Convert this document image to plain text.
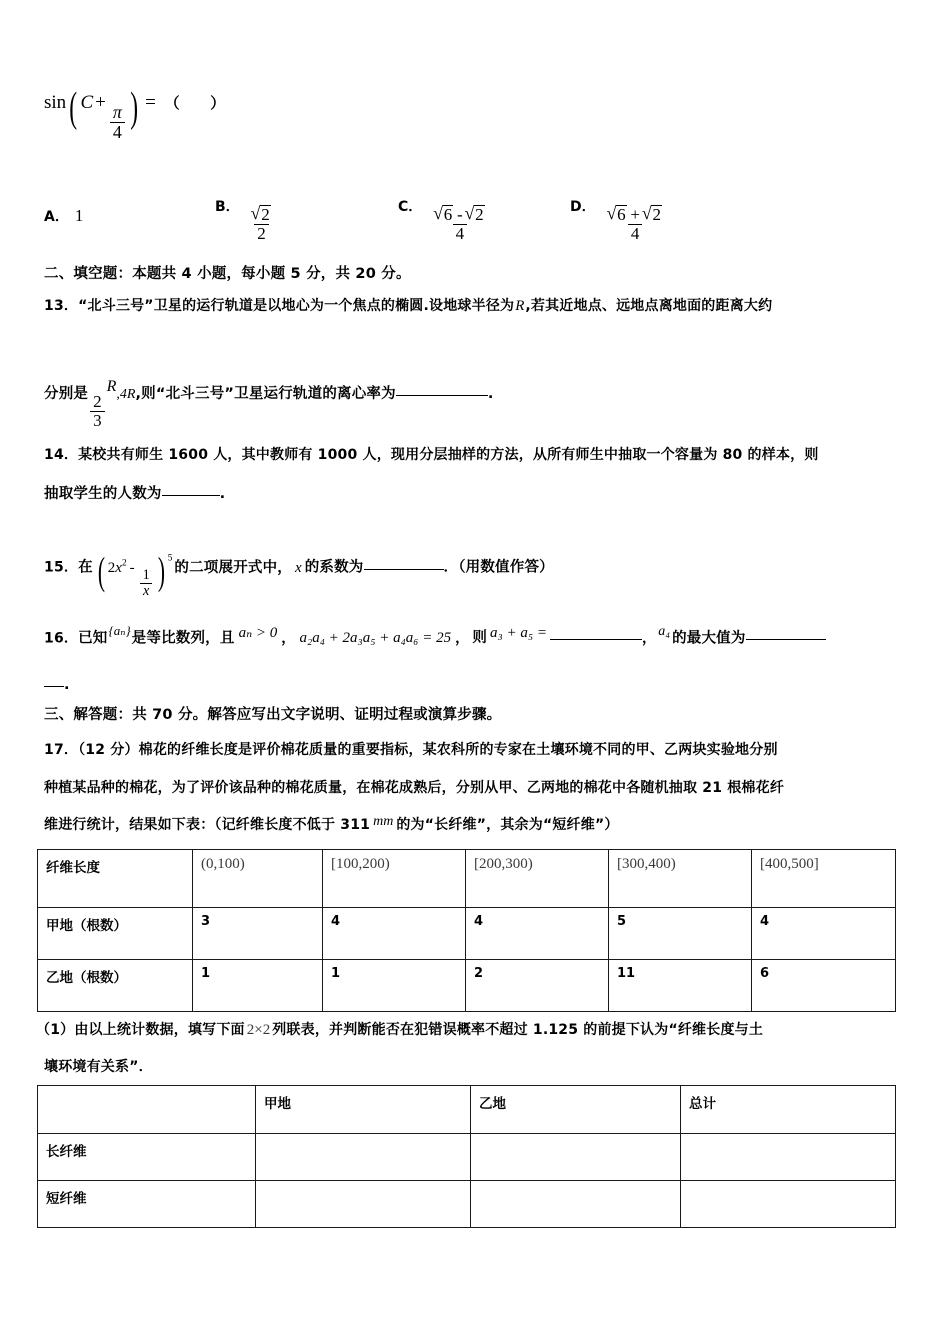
sin( C +
$\frac{\pi}{4}$ ) = （　　）
A． 1	B． √ $\frac{2}{2}$	C． √ $\frac{6 - √ 2}{4}$	D． √ $\frac{6 + √ 2}{4}$
二、填空题：本题共 4 小题，每小题 5 分，共 20 分。
13．“北斗三号”卫星的运行轨道是以地心为一个焦点的椭圆.设地球半径为R,若其近地点、远地点离地面的距离大约
分别是 $\frac{2}{3}$
R,4R,则“北斗三号”卫星运行轨道的离心率为	.
14．某校共有师生 1600 人，其中教师有 1000 人，现用分层抽样的方法，从所有师生中抽取一个容量为 80 的样本，则
抽取学生的人数为	.
15．在 ( $2x^2$ -
$\frac{1}{x}$ ) $^5$的二项展开式中， x 的系数为	．（用数值作答）
16．已知$^{\{a_n\}}$是等比数列，且 aₙ > 0 ， a₂a₄ + 2a₃a₅ + a₄a₆ = 25 ， 则 a₃ + a₅ =	， a₄ 的最大值为
.
三、解答题：共 70 分。解答应写出文字说明、证明过程或演算步骤。
17．（12 分）棉花的纤维长度是评价棉花质量的重要指标，某农科所的专家在土壤环境不同的甲、乙两块实验地分别
种植某品种的棉花，为了评价该品种的棉花质量，在棉花成熟后，分别从甲、乙两地的棉花中各随机抽取 21 根棉花纤
维进行统计，结果如下表：（记纤维长度不低于 311 mm 的为“长纤维”，其余为“短纤维”）
纤维长度	(0,100)	[100,200)	[200,300)	[300,400)	[400,500]
甲地（根数）	3	4	4	5	4
乙地（根数）	1	1	2	11	6
（1）由以上统计数据，填写下面 2×2 列联表，并判断能否在犯错误概率不超过 1.125 的前提下认为“纤维长度与土
壤环境有关系”．
	甲地	乙地	总计
长纤维			
短纤维			
